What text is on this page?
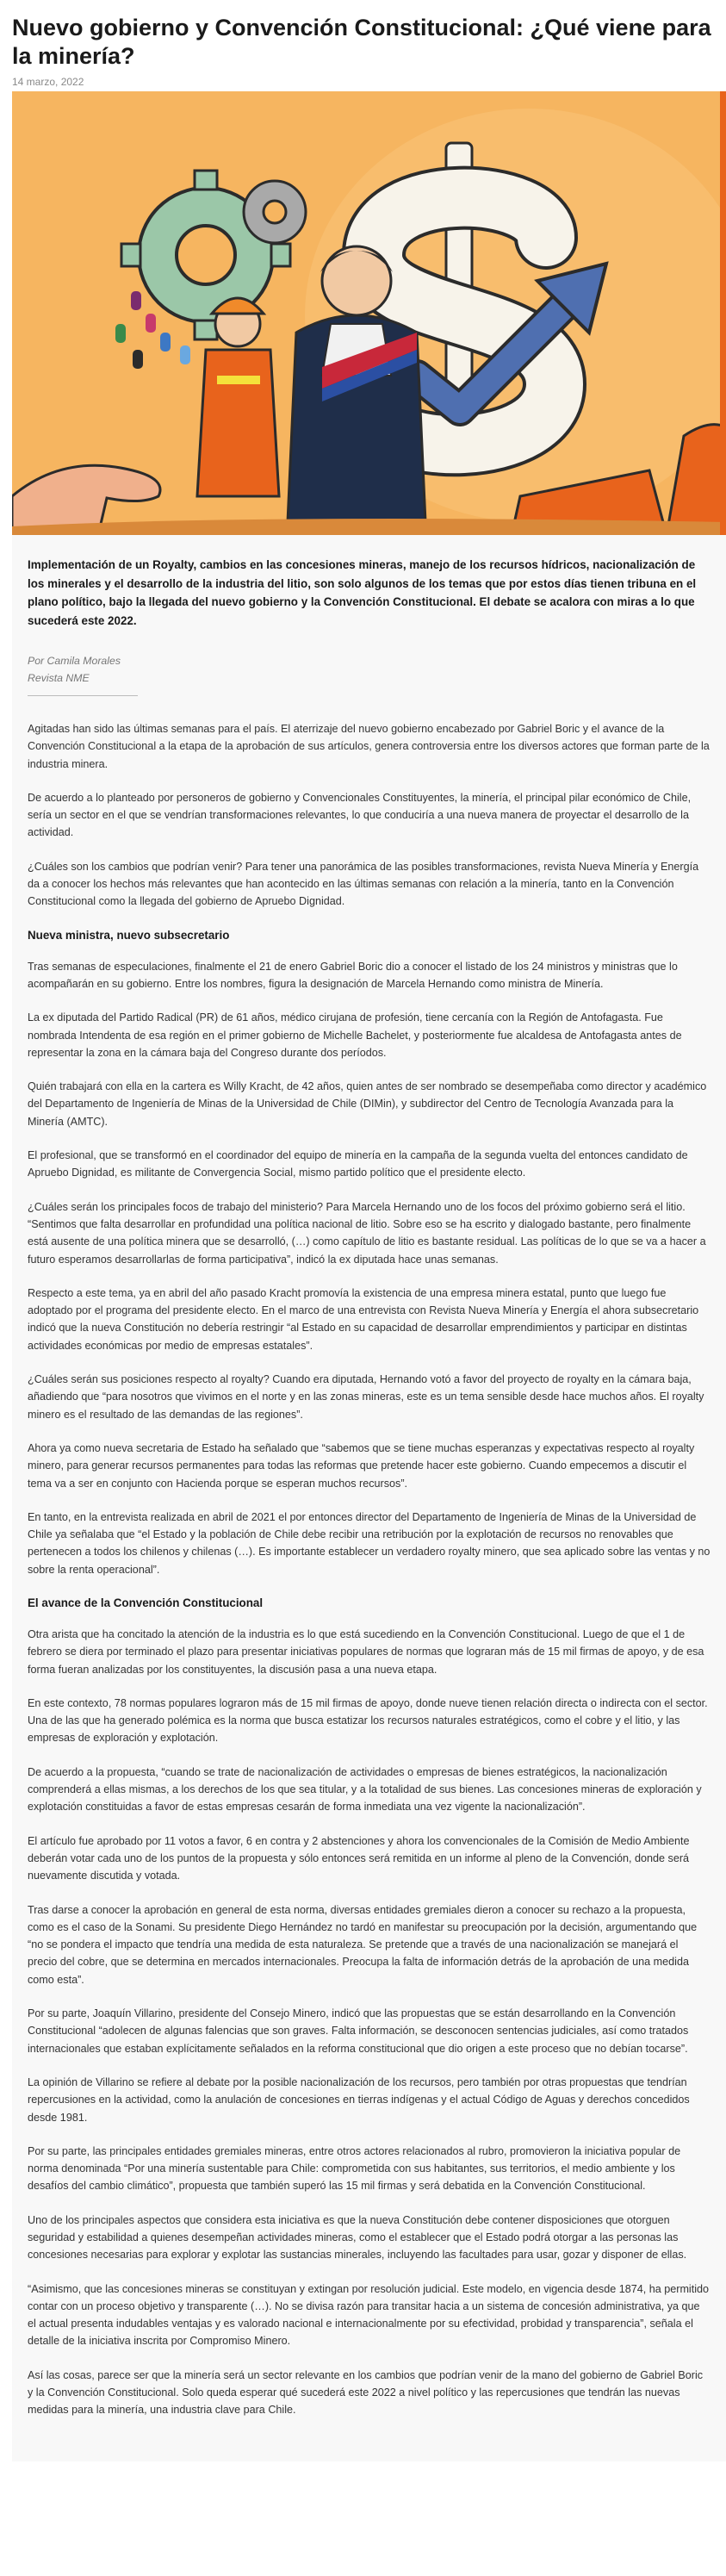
Nuevo gobierno y Convención Constitucional: ¿Qué viene para la minería?
14 marzo, 2022

Implementación de un Royalty, cambios en las concesiones mineras, manejo de los recursos hídricos, nacionalización de los minerales y el desarrollo de la industria del litio, son solo algunos de los temas que por estos días tienen tribuna en el plano político, bajo la llegada del nuevo gobierno y la Convención Constitucional. El debate se acalora con miras a lo que sucederá este 2022.

Por Camila Morales
Revista NME

Agitadas han sido las últimas semanas para el país. El aterrizaje del nuevo gobierno encabezado por Gabriel Boric y el avance de la Convención Constitucional a la etapa de la aprobación de sus artículos, genera controversia entre los diversos actores que forman parte de la industria minera.

De acuerdo a lo planteado por personeros de gobierno y Convencionales Constituyentes, la minería, el principal pilar económico de Chile, sería un sector en el que se vendrían transformaciones relevantes, lo que conduciría a una nueva manera de proyectar el desarrollo de la actividad.

¿Cuáles son los cambios que podrían venir? Para tener una panorámica de las posibles transformaciones, revista Nueva Minería y Energía da a conocer los hechos más relevantes que han acontecido en las últimas semanas con relación a la minería, tanto en la Convención Constitucional como la llegada del gobierno de Apruebo Dignidad.

Nueva ministra, nuevo subsecretario

Tras semanas de especulaciones, finalmente el 21 de enero Gabriel Boric dio a conocer el listado de los 24 ministros y ministras que lo acompañarán en su gobierno. Entre los nombres, figura la designación de Marcela Hernando como ministra de Minería.

La ex diputada del Partido Radical (PR) de 61 años, médico cirujana de profesión, tiene cercanía con la Región de Antofagasta. Fue nombrada Intendenta de esa región en el primer gobierno de Michelle Bachelet, y posteriormente fue alcaldesa de Antofagasta antes de representar la zona en la cámara baja del Congreso durante dos períodos.

Quién trabajará con ella en la cartera es Willy Kracht, de 42 años, quien antes de ser nombrado se desempeñaba como director y académico del Departamento de Ingeniería de Minas de la Universidad de Chile (DIMin), y subdirector del Centro de Tecnología Avanzada para la Minería (AMTC).

El profesional, que se transformó en el coordinador del equipo de minería en la campaña de la segunda vuelta del entonces candidato de Apruebo Dignidad, es militante de Convergencia Social, mismo partido político que el presidente electo.

¿Cuáles serán los principales focos de trabajo del ministerio? Para Marcela Hernando uno de los focos del próximo gobierno será el litio. “Sentimos que falta desarrollar en profundidad una política nacional de litio. Sobre eso se ha escrito y dialogado bastante, pero finalmente está ausente de una política minera que se desarrolló, (…) como capítulo de litio es bastante residual. Las políticas de lo que se va a hacer a futuro esperamos desarrollarlas de forma participativa”, indicó la ex diputada hace unas semanas.

Respecto a este tema, ya en abril del año pasado Kracht promovía la existencia de una empresa minera estatal, punto que luego fue adoptado por el programa del presidente electo. En el marco de una entrevista con Revista Nueva Minería y Energía el ahora subsecretario indicó que la nueva Constitución no debería restringir “al Estado en su capacidad de desarrollar emprendimientos y participar en distintas actividades económicas por medio de empresas estatales”.

¿Cuáles serán sus posiciones respecto al royalty? Cuando era diputada, Hernando votó a favor del proyecto de royalty en la cámara baja, añadiendo que “para nosotros que vivimos en el norte y en las zonas mineras, este es un tema sensible desde hace muchos años. El royalty minero es el resultado de las demandas de las regiones”.

Ahora ya como nueva secretaria de Estado ha señalado que “sabemos que se tiene muchas esperanzas y expectativas respecto al royalty minero, para generar recursos permanentes para todas las reformas que pretende hacer este gobierno. Cuando empecemos a discutir el tema va a ser en conjunto con Hacienda porque se esperan muchos recursos”.

En tanto, en la entrevista realizada en abril de 2021 el por entonces director del Departamento de Ingeniería de Minas de la Universidad de Chile ya señalaba que “el Estado y la población de Chile debe recibir una retribución por la explotación de recursos no renovables que pertenecen a todos los chilenos y chilenas (…). Es importante establecer un verdadero royalty minero, que sea aplicado sobre las ventas y no sobre la renta operacional”.

El avance de la Convención Constitucional

Otra arista que ha concitado la atención de la industria es lo que está sucediendo en la Convención Constitucional. Luego de que el 1 de febrero se diera por terminado el plazo para presentar iniciativas populares de normas que lograran más de 15 mil firmas de apoyo, y de esa forma fueran analizadas por los constituyentes, la discusión pasa a una nueva etapa.

En este contexto, 78 normas populares lograron más de 15 mil firmas de apoyo, donde nueve tienen relación directa o indirecta con el sector. Una de las que ha generado polémica es la norma que busca estatizar los recursos naturales estratégicos, como el cobre y el litio, y las empresas de exploración y explotación.

De acuerdo a la propuesta, “cuando se trate de nacionalización de actividades o empresas de bienes estratégicos, la nacionalización comprenderá a ellas mismas, a los derechos de los que sea titular, y a la totalidad de sus bienes. Las concesiones mineras de exploración y explotación constituidas a favor de estas empresas cesarán de forma inmediata una vez vigente la nacionalización”.

El artículo fue aprobado por 11 votos a favor, 6 en contra y 2 abstenciones y ahora los convencionales de la Comisión de Medio Ambiente deberán votar cada uno de los puntos de la propuesta y sólo entonces será remitida en un informe al pleno de la Convención, donde será nuevamente discutida y votada.

Tras darse a conocer la aprobación en general de esta norma, diversas entidades gremiales dieron a conocer su rechazo a la propuesta, como es el caso de la Sonami. Su presidente Diego Hernández no tardó en manifestar su preocupación por la decisión, argumentando que “no se pondera el impacto que tendría una medida de esta naturaleza. Se pretende que a través de una nacionalización se manejará el precio del cobre, que se determina en mercados internacionales. Preocupa la falta de información detrás de la aprobación de una medida como esta”.

Por su parte, Joaquín Villarino, presidente del Consejo Minero, indicó que las propuestas que se están desarrollando en la Convención Constitucional “adolecen de algunas falencias que son graves. Falta información, se desconocen sentencias judiciales, así como tratados internacionales que estaban explícitamente señalados en la reforma constitucional que dio origen a este proceso que no debían tocarse”.

La opinión de Villarino se refiere al debate por la posible nacionalización de los recursos, pero también por otras propuestas que tendrían repercusiones en la actividad, como la anulación de concesiones en tierras indígenas y el actual Código de Aguas y derechos concedidos desde 1981.

Por su parte, las principales entidades gremiales mineras, entre otros actores relacionados al rubro, promovieron la iniciativa popular de norma denominada “Por una minería sustentable para Chile: comprometida con sus habitantes, sus territorios, el medio ambiente y los desafíos del cambio climático”, propuesta que también superó las 15 mil firmas y será debatida en la Convención Constitucional.

Uno de los principales aspectos que considera esta iniciativa es que la nueva Constitución debe contener disposiciones que otorguen seguridad y estabilidad a quienes desempeñan actividades mineras, como el establecer que el Estado podrá otorgar a las personas las concesiones necesarias para explorar y explotar las sustancias minerales, incluyendo las facultades para usar, gozar y disponer de ellas.

“Asimismo, que las concesiones mineras se constituyan y extingan por resolución judicial. Este modelo, en vigencia desde 1874, ha permitido contar con un proceso objetivo y transparente (…). No se divisa razón para transitar hacia a un sistema de concesión administrativa, ya que el actual presenta indudables ventajas y es valorado nacional e internacionalmente por su efectividad, probidad y transparencia”, señala el detalle de la iniciativa inscrita por Compromiso Minero.

Así las cosas, parece ser que la minería será un sector relevante en los cambios que podrían venir de la mano del gobierno de Gabriel Boric y la Convención Constitucional. Solo queda esperar qué sucederá este 2022 a nivel político y las repercusiones que tendrán las nuevas medidas para la minería, una industria clave para Chile.
